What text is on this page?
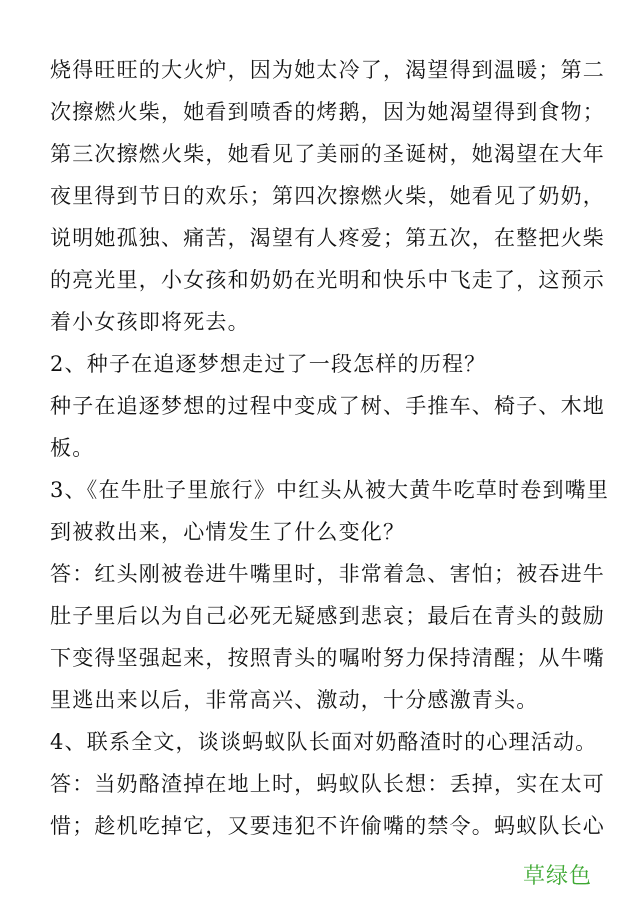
烧得旺旺的大火炉，因为她太冷了，渴望得到温暖；第二
次擦燃火柴，她看到喷香的烤鹅，因为她渴望得到食物；
第三次擦燃火柴，她看见了美丽的圣诞树，她渴望在大年
夜里得到节日的欢乐；第四次擦燃火柴，她看见了奶奶，
说明她孤独、痛苦，渴望有人疼爱；第五次，在整把火柴
的亮光里，小女孩和奶奶在光明和快乐中飞走了，这预示
着小女孩即将死去。
2、种子在追逐梦想走过了一段怎样的历程？
种子在追逐梦想的过程中变成了树、手推车、椅子、木地
板。
3、《在牛肚子里旅行》中红头从被大黄牛吃草时卷到嘴里
到被救出来，心情发生了什么变化？
答：红头刚被卷进牛嘴里时，非常着急、害怕；被吞进牛
肚子里后以为自己必死无疑感到悲哀；最后在青头的鼓励
下变得坚强起来，按照青头的嘱咐努力保持清醒；从牛嘴
里逃出来以后，非常高兴、激动，十分感激青头。
4、联系全文，谈谈蚂蚁队长面对奶酪渣时的心理活动。
答：当奶酪渣掉在地上时，蚂蚁队长想：丢掉，实在太可
惜；趁机吃掉它，又要违犯不许偷嘴的禁令。蚂蚁队长心
草绿色
